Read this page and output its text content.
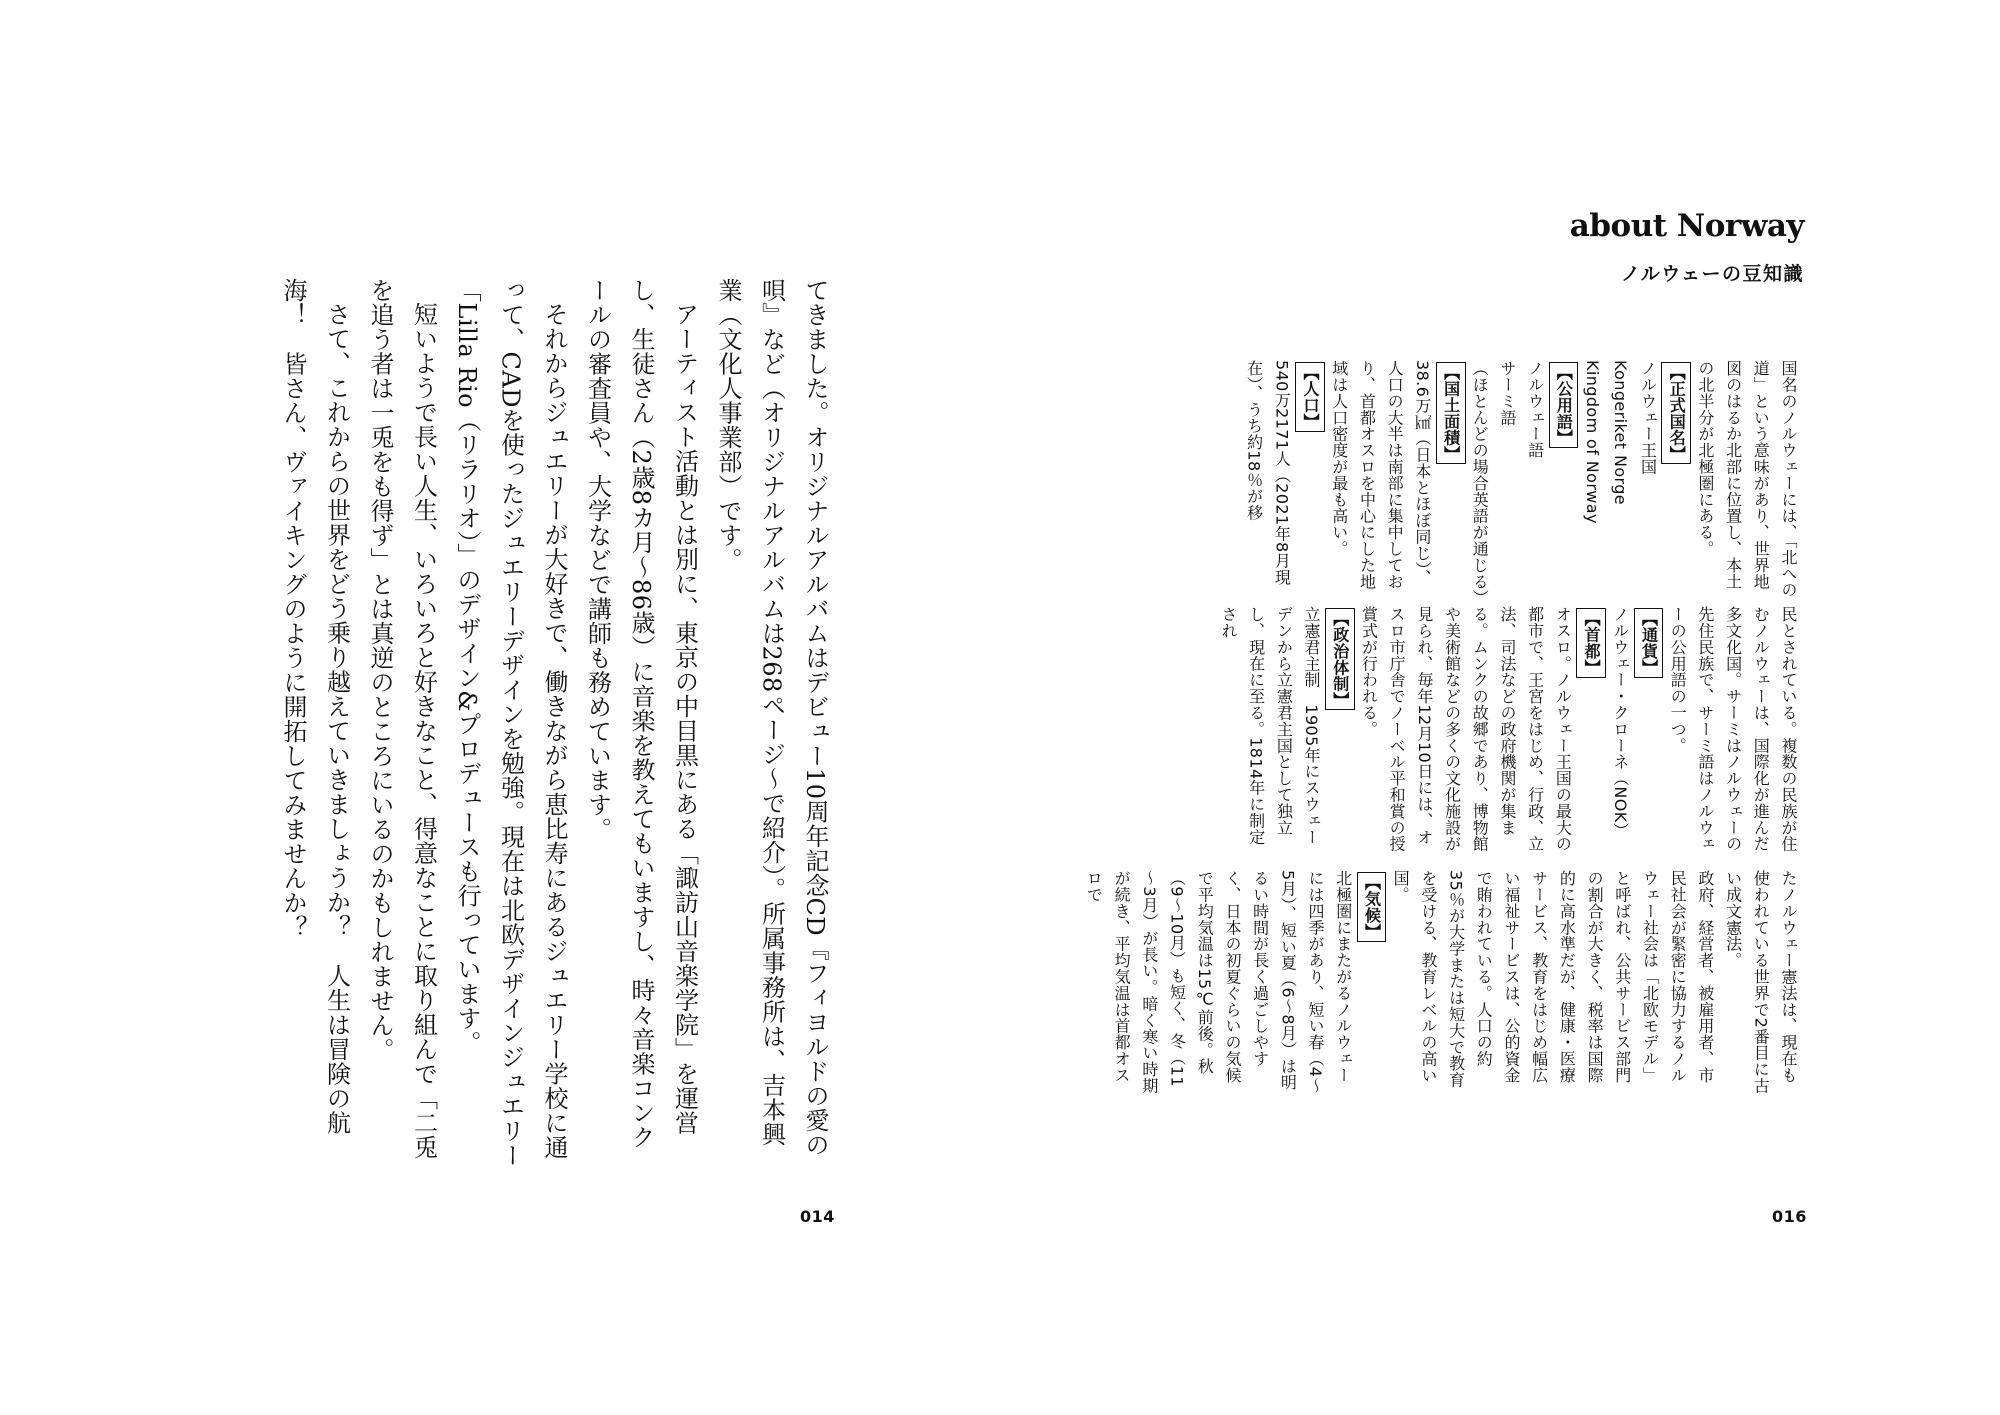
てきました。オリジナルアルバムはデビュー10周年記念CD『フィヨルドの愛の唄』など（オリジナルアルバムは268ページ～で紹介）。所属事務所は、吉本興業（文化人事業部）です。

アーティスト活動とは別に、東京の中目黒にある「諏訪山音楽学院」を運営し、生徒さん（2歳8カ月～86歳）に音楽を教えてもいますし、時々音楽コンクールの審査員や、大学などで講師も務めています。

それからジュエリーが大好きで、働きながら恵比寿にあるジュエリー学校に通って、CADを使ったジュエリーデザインを勉強。現在は北欧デザインジュエリー「Lilla Rio（リラリオ）」のデザイン&プロデュースも行っています。

短いようで長い人生、いろいろと好きなこと、得意なことに取り組んで「二兎を追う者は一兎をも得ず」とは真逆のところにいるのかもしれません。

さて、これからの世界をどう乗り越えていきましょうか？　人生は冒険の航海！　皆さん、ヴァイキングのように開拓してみませんか？

014
about Norway
ノルウェーの豆知識

国名のノルウェーには、「北への道」という意味があり、世界地図のはるか北部に位置し、本土の北半分が北極圏にある。

【正式国名】

ノルウェー王国

Kongeriket Norge

Kingdom of Norway

【公用語】

ノルウェー語

サーミ語

（ほとんどの場合英語が通じる）

【国土面積】

38.6万㎢（日本とほぼ同じ）、人口の大半は南部に集中しており、首都オスロを中心にした地域は人口密度が最も高い。

【人口】

540万2171人（2021年8月現在）、うち約18％が移

民とされている。複数の民族が住むノルウェーは、国際化が進んだ多文化国。サーミはノルウェーの先住民族で、サーミ語はノルウェーの公用語の一つ。

【通貨】

ノルウェー・クローネ（NOK）

【首都】

オスロ。ノルウェー王国の最大の都市で、王宮をはじめ、行政、立法、司法などの政府機関が集まる。ムンクの故郷であり、博物館や美術館などの多くの文化施設が見られ、毎年12月10日には、オスロ市庁舎でノーベル平和賞の授賞式が行われる。

【政治体制】

立憲君主制　1905年にスウェーデンから立憲君主国として独立し、現在に至る。1814年に制定され

たノルウェー憲法は、現在も使われている世界で2番目に古い成文憲法。

政府、経営者、被雇用者、市民社会が緊密に協力するノルウェー社会は「北欧モデル」と呼ばれ、公共サービス部門の割合が大きく、税率は国際的に高水準だが、健康・医療サービス、教育をはじめ幅広い福祉サービスは、公的資金で賄われている。人口の約35％が大学または短大で教育を受ける、教育レベルの高い国。

【気候】

北極圏にまたがるノルウェーには四季があり、短い春（4～5月）、短い夏（6～8月）は明るい時間が長く過ごしやすく、日本の初夏ぐらいの気候で平均気温は15℃前後。秋（9～10月）も短く、冬（11～3月）が長い。暗く寒い時期が続き、平均気温は首都オスロで

016
